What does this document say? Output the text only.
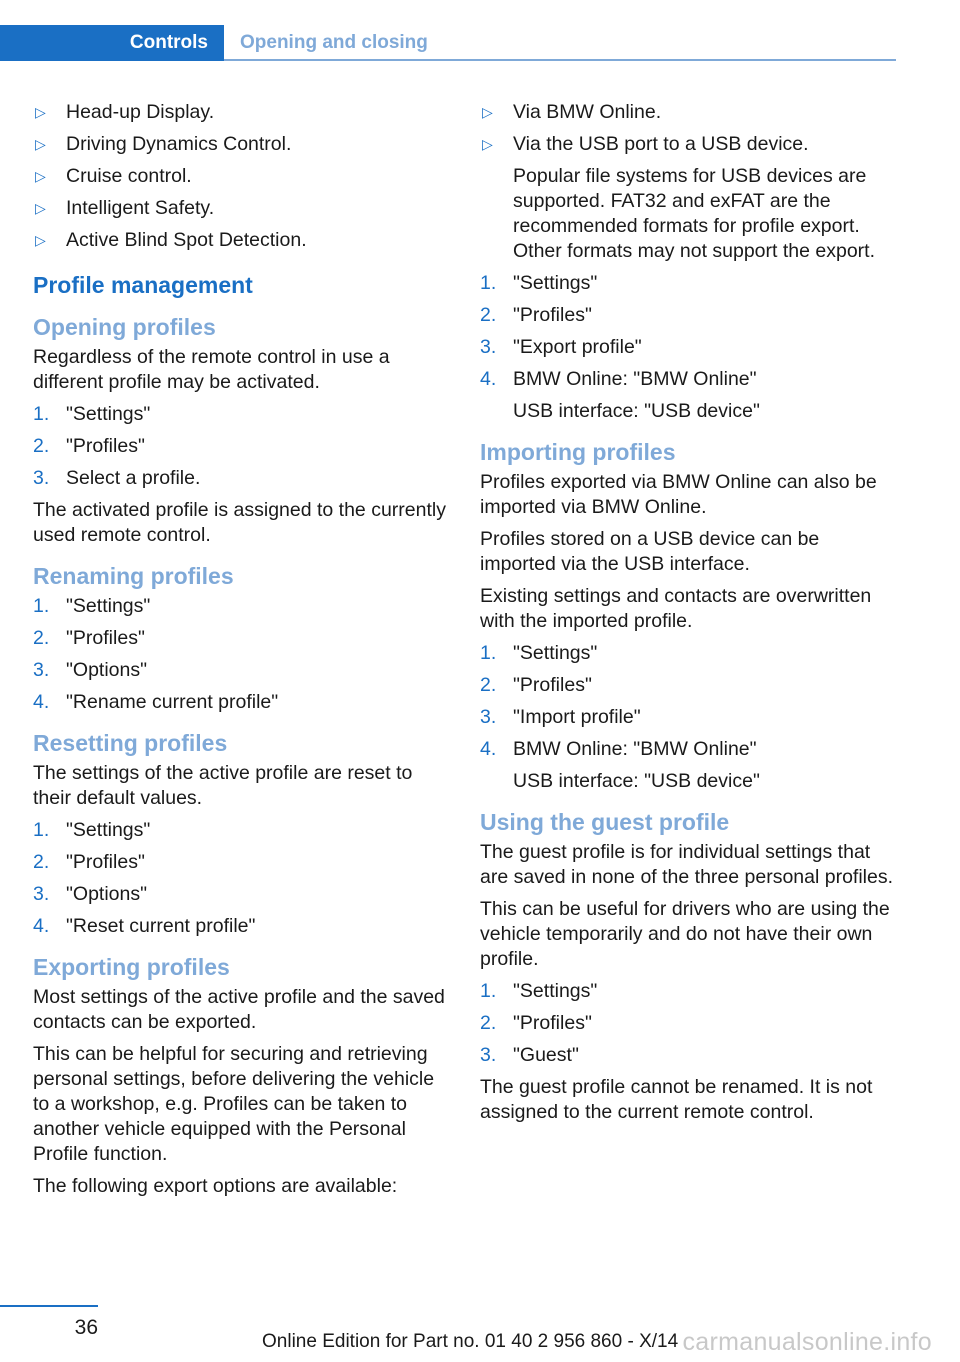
Controls	Opening and closing
▷ Head-up Display.
▷ Driving Dynamics Control.
▷ Cruise control.
▷ Intelligent Safety.
▷ Active Blind Spot Detection.
Profile management
Opening profiles

Regardless of the remote control in use a different profile may be activated.

1. "Settings"
2. "Profiles"
3. Select a profile.

The activated profile is assigned to the currently used remote control.

Renaming profiles
1. "Settings"
2. "Profiles"
3. "Options"
4. "Rename current profile"
Resetting profiles

The settings of the active profile are reset to their default values.

1. "Settings"
2. "Profiles"
3. "Options"
4. "Reset current profile"
Exporting profiles

Most settings of the active profile and the saved contacts can be exported.

This can be helpful for securing and retrieving personal settings, before delivering the vehicle to a workshop, e.g. Profiles can be taken to another vehicle equipped with the Personal Profile function.

The following export options are available:

▷ Via BMW Online.
▷ Via the USB port to a USB device.
Popular file systems for USB devices are supported. FAT32 and exFAT are the recommended formats for profile export. Other formats may not support the export.
1. "Settings"
2. "Profiles"
3. "Export profile"
4. BMW Online: "BMW Online"
USB interface: "USB device"
Importing profiles

Profiles exported via BMW Online can also be imported via BMW Online.

Profiles stored on a USB device can be imported via the USB interface.

Existing settings and contacts are overwritten with the imported profile.

1. "Settings"
2. "Profiles"
3. "Import profile"
4. BMW Online: "BMW Online"
USB interface: "USB device"
Using the guest profile

The guest profile is for individual settings that are saved in none of the three personal profiles.

This can be useful for drivers who are using the vehicle temporarily and do not have their own profile.

1. "Settings"
2. "Profiles"
3. "Guest"

The guest profile cannot be renamed. It is not assigned to the current remote control.

36
Online Edition for Part no. 01 40 2 956 860 - X/14 carmanualsonline.info
